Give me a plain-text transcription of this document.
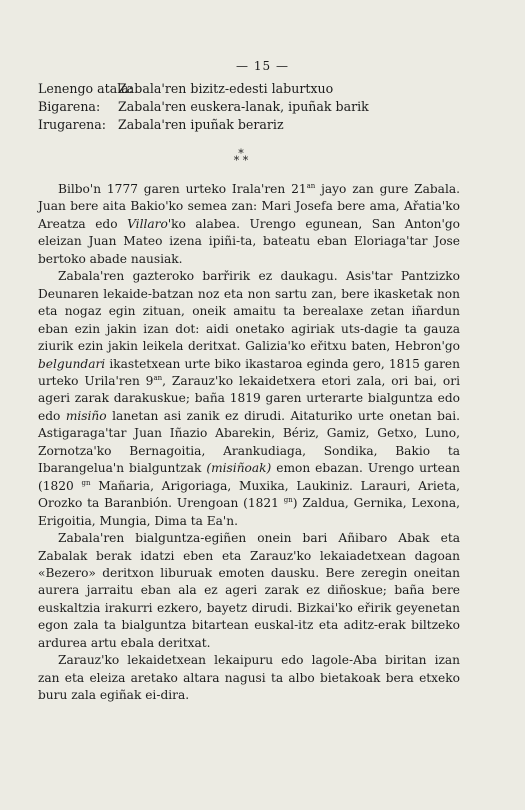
— 15 —
Lenengo atala:
Zabala'ren bizitz-edesti laburtxuo
Bigarena:	Zabala'ren euskera-lanak, ipuñak barik
Irugarena: Zabala'ren ipuñak berariz
*
* *

Bilbo'n 1777 garen urteko Irala'ren $21^{an}$ jayo zan gure Zabala. Juan bere aita Bakio'ko semea zan: Mari Josefa bere ama, Ařatia'ko Areatza edo Villaro'ko alabea. Urengo egunean, San Anton'go eleizan Juan Mateo izena ipiñi-ta, bateatu eban Eloriaga'tar Jose bertoko abade nausiak.

Zabala'ren gazteroko barřirik ez daukagu. Asis'tar Pantzizko Deunaren lekaide-batzan noz eta non sartu zan, bere ikasketak non eta nogaz egin zituan, oneik amaitu ta berealaxe zetan iñardun eban ezin jakin izan dot: aidi onetako agiriak uts-dagie ta gauza ziurik ezin jakin leikela deritxat. Galizia'ko eřitxu baten, Hebron'go belgundari ikastetxean urte biko ikastaroa eginda gero, 1815 garen urteko Urila'ren $9^{an}$, Zarauz'ko lekaidetxera etori zala, ori bai, ori ageri zarak darakuskue; baña 1819 garen urterarte bialguntza edo edo misiño lanetan asi zanik ez dirudi. Aitaturiko urte onetan bai. Astigaraga'tar Juan Iñazio Abarekin, Bériz, Gamiz, Getxo, Luno, Zornotza'ko Bernagoitia, Arankudiaga, Sondika, Bakio ta Ibarangelua'n bialguntzak (misiñoak) emon ebazan. Urengo urtean (1820 $^{gn}$ Mañaria, Arigoriaga, Muxika, Laukiniz. Larauri, Arieta, Orozko ta Baranbión. Urengoan (1821 $^{gn}$) Zaldua, Gernika, Lexona, Erigoitia, Mungia, Dima ta Ea'n.

Zabala'ren bialguntza-egiñen onein bari Añibaro Abak eta Zabalak berak idatzi eben eta Zarauz'ko lekaiadetxean dagoan «Bezero» deritxon liburuak emoten dausku. Bere zeregin oneitan aurera jarraitu eban ala ez ageri zarak ez diñoskue; baña bere euskaltzia irakurri ezkero, bayetz dirudi. Bizkai'ko eřirik geyenetan egon zala ta bialguntza bitartean euskal-itz eta aditz-erak biltzeko ardurea artu ebala deritxat.

Zarauz'ko lekaidetxean lekaipuru edo lagole-Aba biritan izan zan eta eleiza aretako altara nagusi ta albo bietakoak bera etxeko buru zala egiñak ei-dira.
